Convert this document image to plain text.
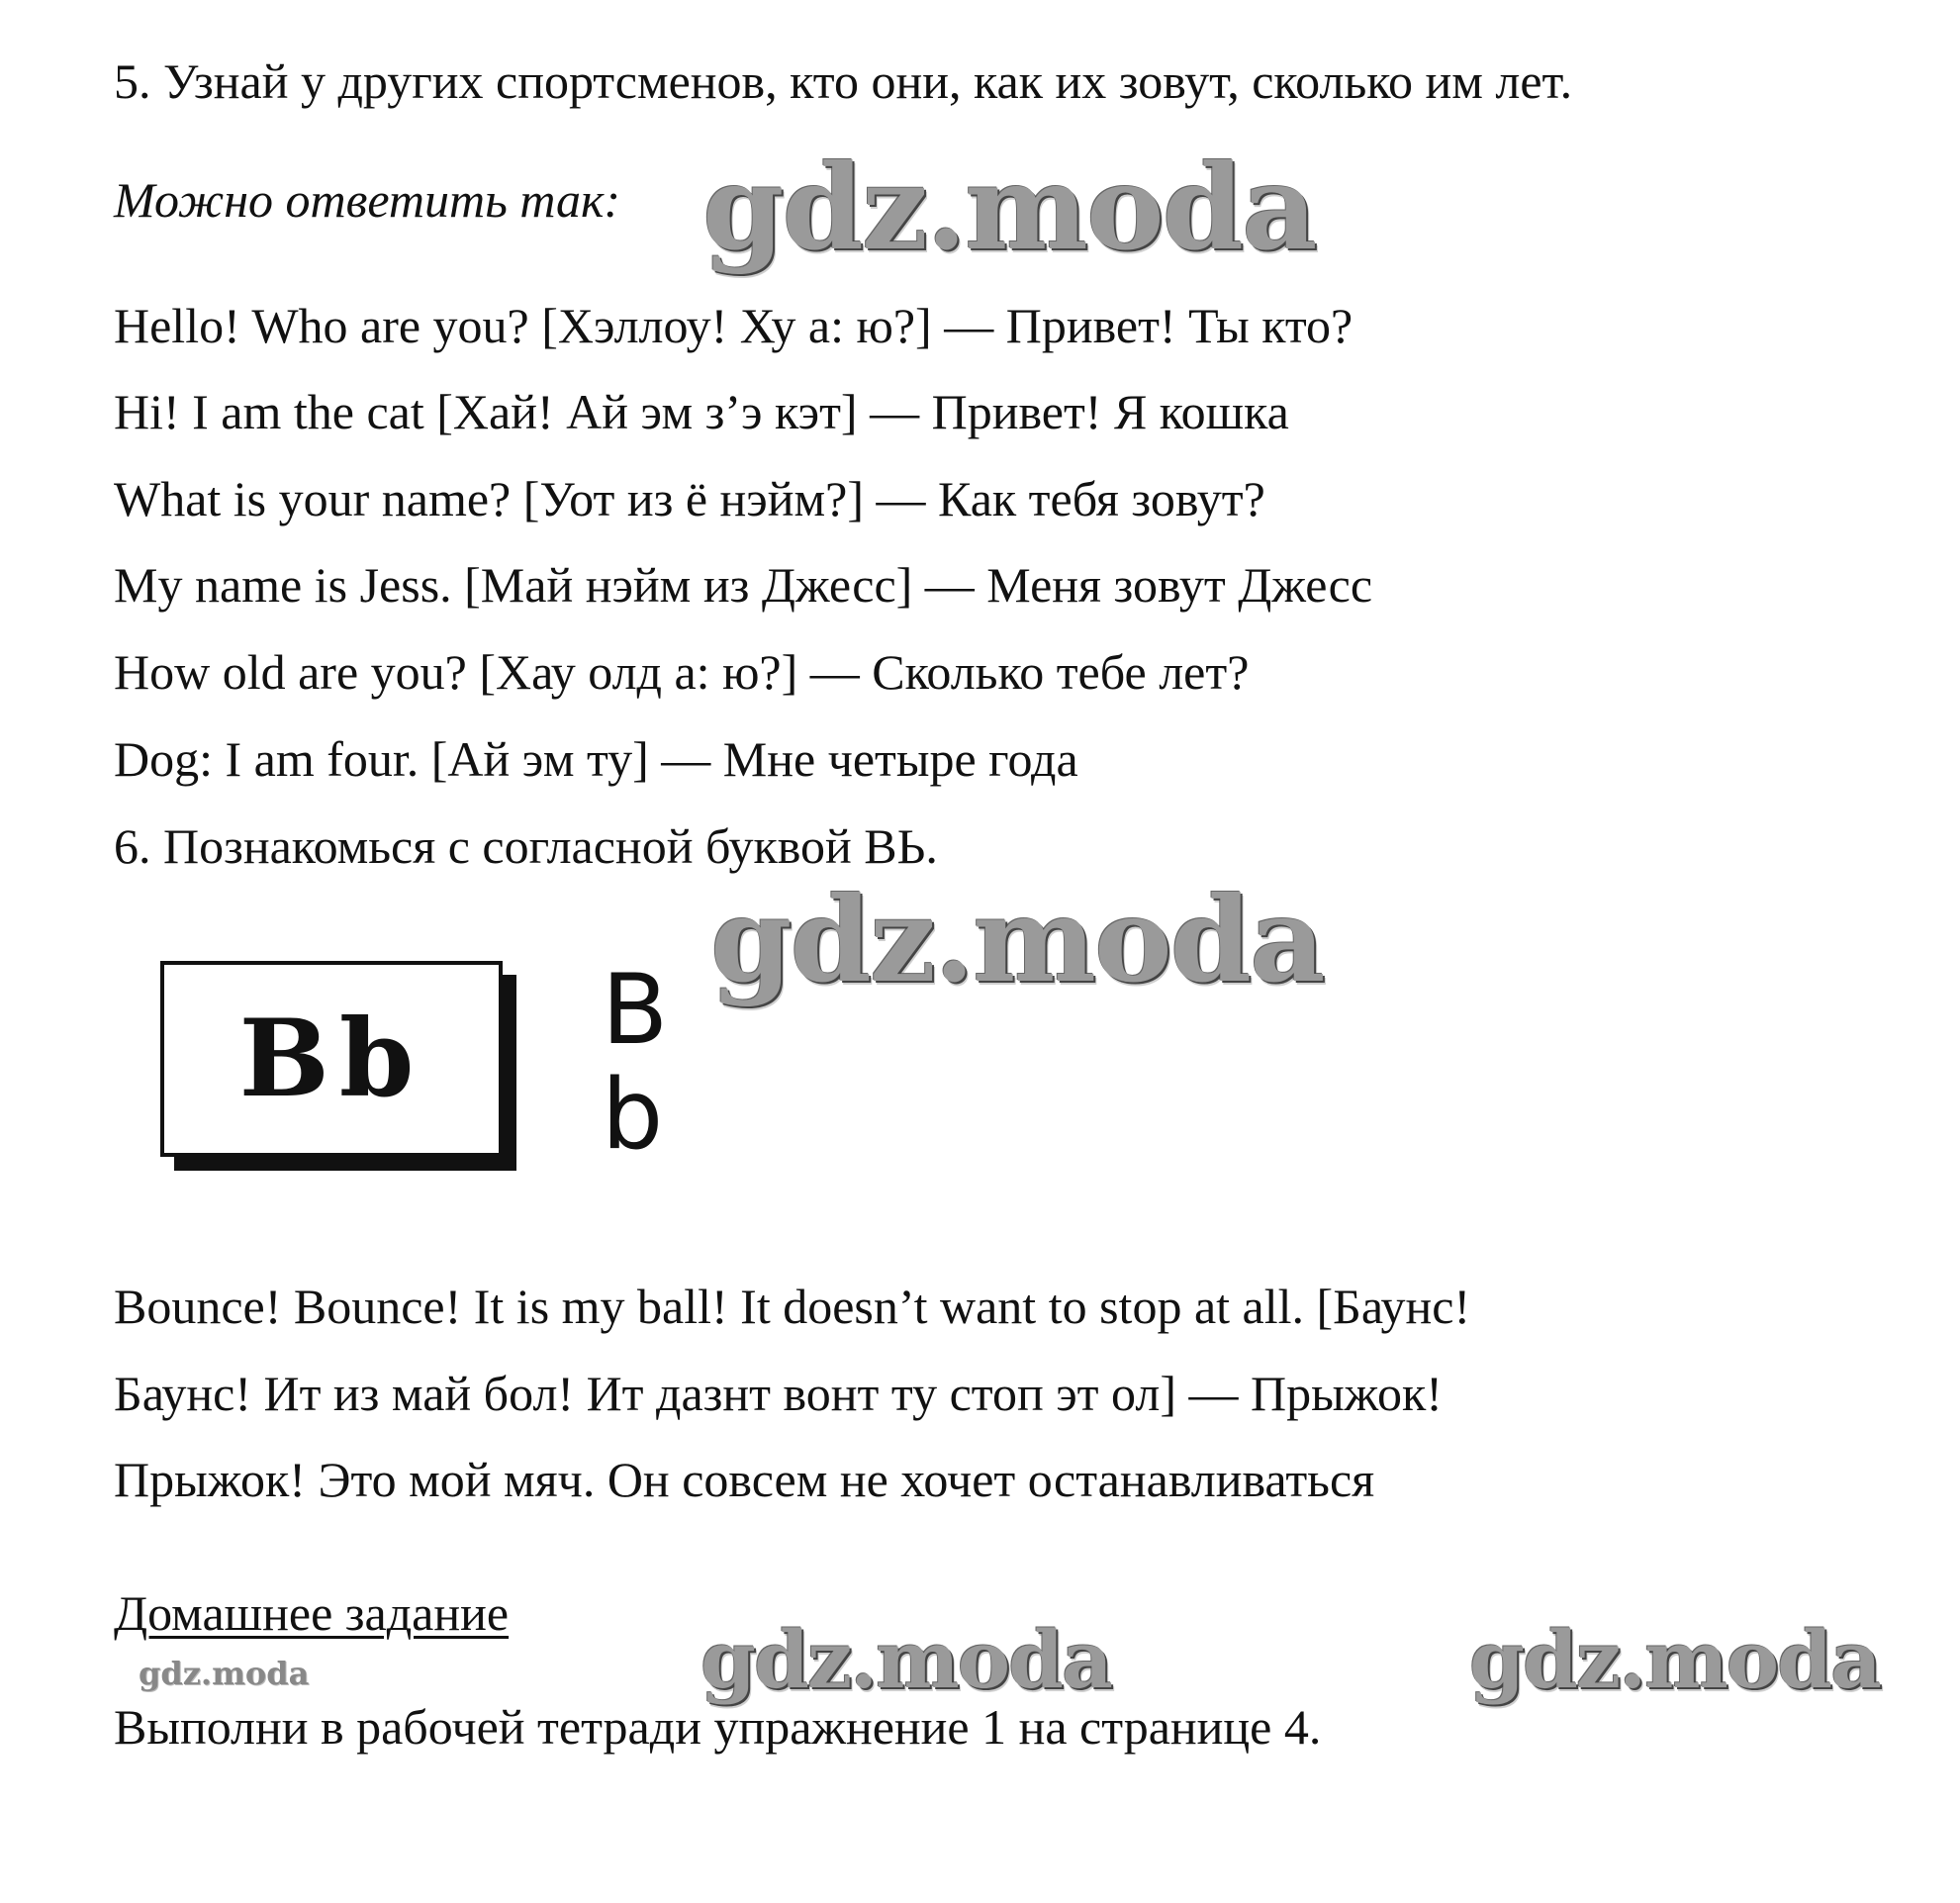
5. Узнай у других спортсменов, кто они, как их зовут, сколько им лет.

Можно ответить так: gdz.moda

Hello! Who are you? [Хэллоу! Ху а: ю?] — Привет! Ты кто?

Hi! I am the cat [Хай! Ай эм з’э кэт] — Привет! Я кошка

What is your name? [Уот из ё нэйм?] — Как тебя зовут?

My name is Jess. [Май нэйм из Джесс] — Меня зовут Джесс

How old are you? [Хау олд а: ю?] — Сколько тебе лет?

Dog: I am four. [Ай эм ту] — Мне четыре года

6. Познакомься с согласной буквой ВЬ.

gdz.moda
Bb	B
b

Bounce! Bounce! It is my ball! It doesn’t want to stop at all. [Баунс!

Баунс! Ит из май бол! Ит дазнт вонт ту стоп эт ол] — Прыжок!

Прыжок! Это мой мяч. Он совсем не хочет останавливаться

Домашнее задание

gdz.moda	gdz.moda	gdz.moda

Выполни в рабочей тетради упражнение 1 на странице 4.
